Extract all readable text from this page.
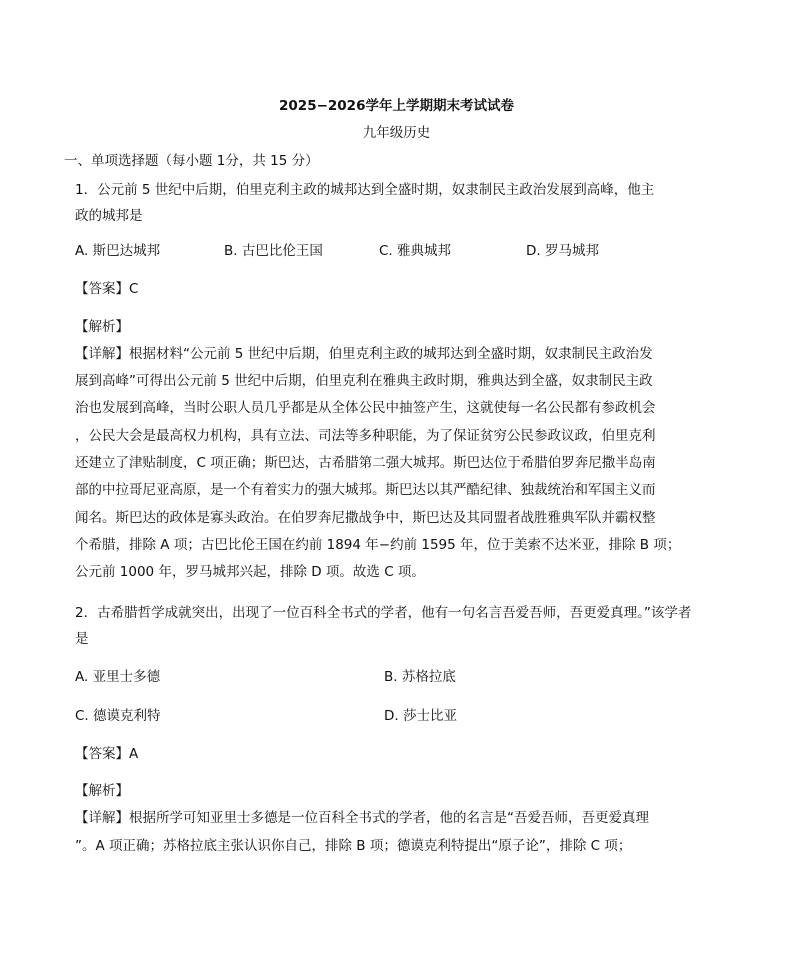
2025−2026学年上学期期末考试试卷
九年级历史
一、单项选择题（每小题 1分，共 15 分）
1．公元前 5 世纪中后期，伯里克利主政的城邦达到全盛时期，奴隶制民主政治发展到高峰，他主
政的城邦是
A. 斯巴达城邦	B. 古巴比伦王国	C. 雅典城邦	D. 罗马城邦
【答案】C
【解析】
【详解】根据材料“公元前 5 世纪中后期，伯里克利主政的城邦达到全盛时期，奴隶制民主政治发
展到高峰”可得出公元前 5 世纪中后期，伯里克利在雅典主政时期，雅典达到全盛，奴隶制民主政
治也发展到高峰，当时公职人员几乎都是从全体公民中抽签产生，这就使每一名公民都有参政机会
，公民大会是最高权力机构，具有立法、司法等多种职能，为了保证贫穷公民参政议政，伯里克利
还建立了津贴制度，C 项正确；斯巴达，古希腊第二强大城邦。斯巴达位于希腊伯罗奔尼撒半岛南
部的中拉哥尼亚高原，是一个有着实力的强大城邦。斯巴达以其严酷纪律、独裁统治和军国主义而
闻名。斯巴达的政体是寡头政治。在伯罗奔尼撒战争中，斯巴达及其同盟者战胜雅典军队并霸权整
个希腊，排除 A 项；古巴比伦王国在约前 1894 年−约前 1595 年，位于美索不达米亚，排除 B 项；
公元前 1000 年，罗马城邦兴起，排除 D 项。故选 C 项。
2．古希腊哲学成就突出，出现了一位百科全书式的学者，他有一句名言吾爱吾师，吾更爱真理。”该学者
是
A. 亚里士多德	B. 苏格拉底
C. 德谟克利特	D. 莎士比亚
【答案】A
【解析】
【详解】根据所学可知亚里士多德是一位百科全书式的学者，他的名言是“吾爱吾师，吾更爱真理
”。A 项正确；苏格拉底主张认识你自己，排除 B 项；德谟克利特提出“原子论”，排除 C 项；
